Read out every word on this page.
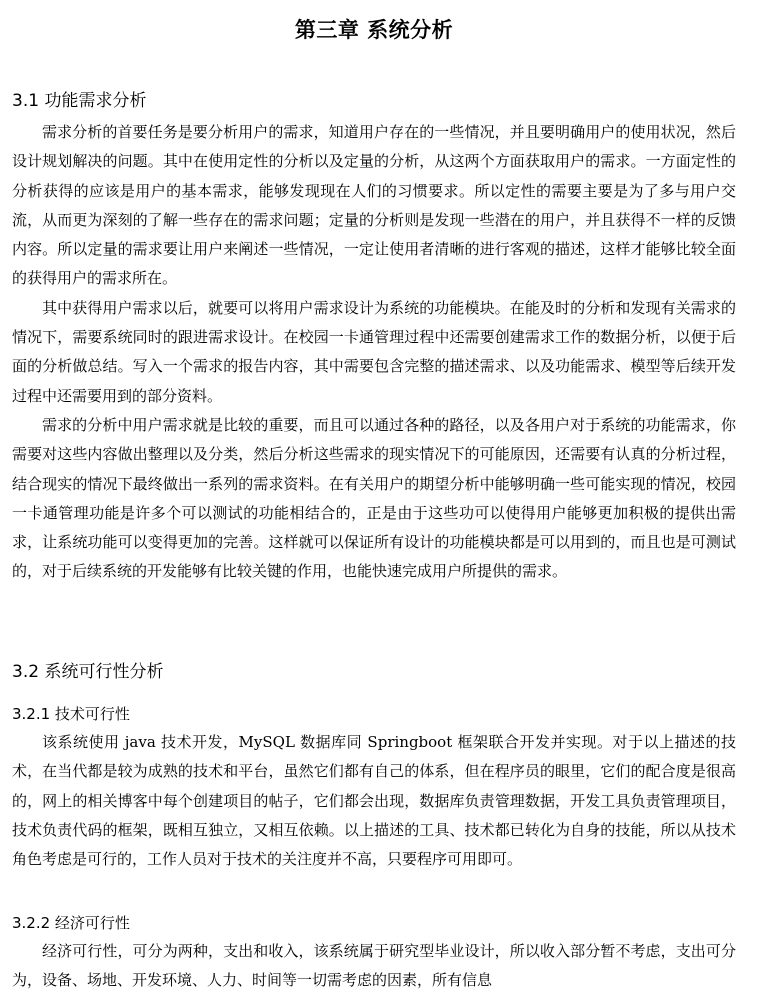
第三章 系统分析
3.1 功能需求分析

需求分析的首要任务是要分析用户的需求，知道用户存在的一些情况，并且要明确用户的使用状况，然后设计规划解决的问题。其中在使用定性的分析以及定量的分析，从这两个方面获取用户的需求。一方面定性的分析获得的应该是用户的基本需求，能够发现现在人们的习惯要求。所以定性的需要主要是为了多与用户交流，从而更为深刻的了解一些存在的需求问题；定量的分析则是发现一些潜在的用户，并且获得不一样的反馈内容。所以定量的需求要让用户来阐述一些情况，一定让使用者清晰的进行客观的描述，这样才能够比较全面的获得用户的需求所在。

其中获得用户需求以后，就要可以将用户需求设计为系统的功能模块。在能及时的分析和发现有关需求的情况下，需要系统同时的跟进需求设计。在校园一卡通管理过程中还需要创建需求工作的数据分析，以便于后面的分析做总结。写入一个需求的报告内容，其中需要包含完整的描述需求、以及功能需求、模型等后续开发过程中还需要用到的部分资料。

需求的分析中用户需求就是比较的重要，而且可以通过各种的路径，以及各用户对于系统的功能需求，你需要对这些内容做出整理以及分类，然后分析这些需求的现实情况下的可能原因，还需要有认真的分析过程，结合现实的情况下最终做出一系列的需求资料。在有关用户的期望分析中能够明确一些可能实现的情况，校园一卡通管理功能是许多个可以测试的功能相结合的，正是由于这些功可以使得用户能够更加积极的提供出需求，让系统功能可以变得更加的完善。这样就可以保证所有设计的功能模块都是可以用到的，而且也是可测试的，对于后续系统的开发能够有比较关键的作用，也能快速完成用户所提供的需求。

3.2 系统可行性分析
3.2.1 技术可行性

该系统使用 java 技术开发，MySQL 数据库同 Springboot 框架联合开发并实现。对于以上描述的技术，在当代都是较为成熟的技术和平台，虽然它们都有自己的体系，但在程序员的眼里，它们的配合度是很高的，网上的相关博客中每个创建项目的帖子，它们都会出现，数据库负责管理数据，开发工具负责管理项目，技术负责代码的框架，既相互独立，又相互依赖。以上描述的工具、技术都已转化为自身的技能，所以从技术角色考虑是可行的，工作人员对于技术的关注度并不高，只要程序可用即可。

3.2.2 经济可行性

经济可行性，可分为两种，支出和收入，该系统属于研究型毕业设计，所以收入部分暂不考虑，支出可分为，设备、场地、开发环境、人力、时间等一切需考虑的因素，所有信息
